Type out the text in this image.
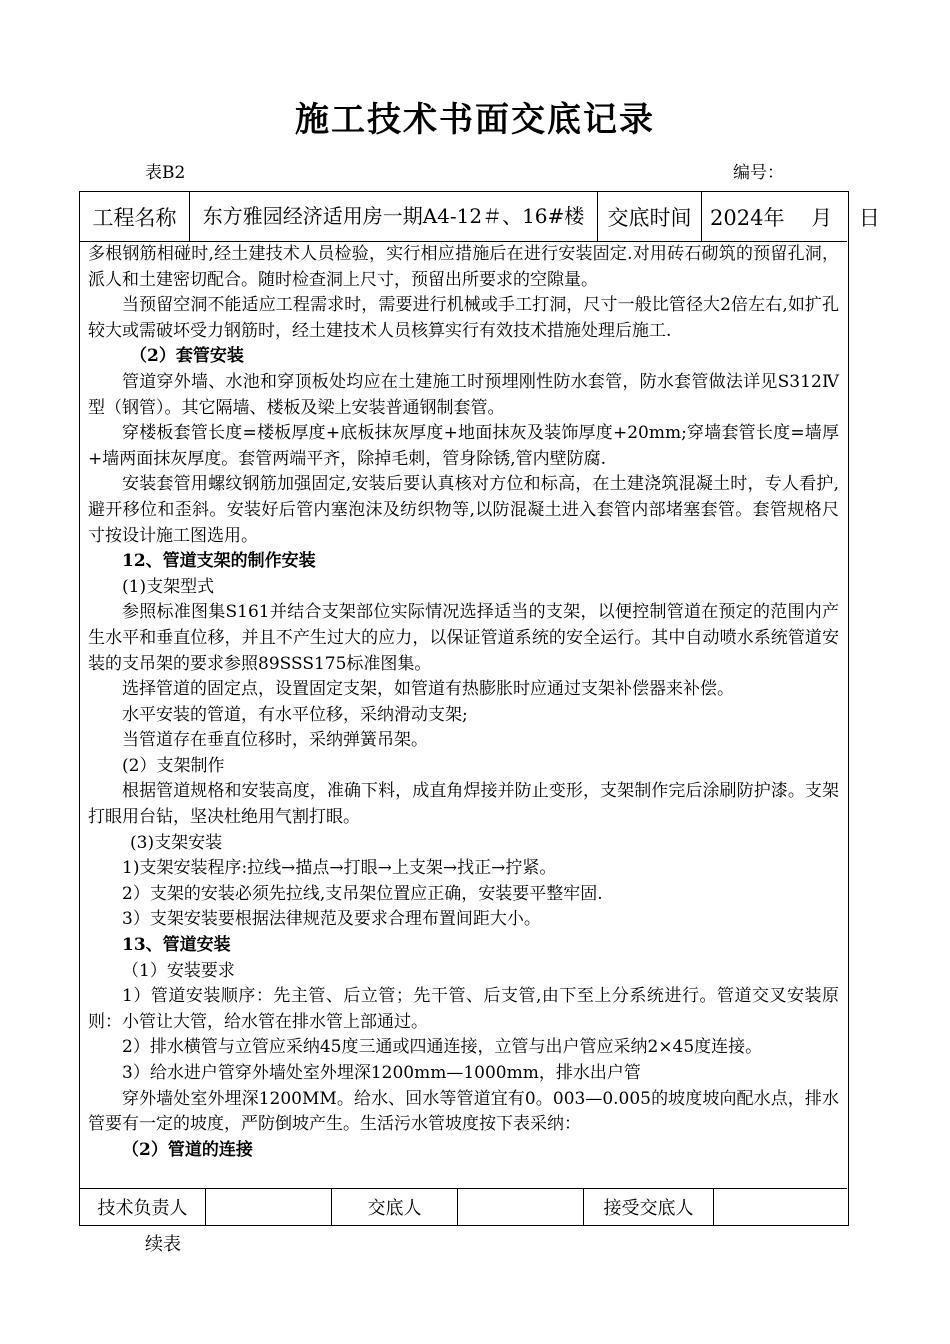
施工技术书面交底记录
表B2	编号：
工程名称	东方雅园经济适用房一期A4-12＃、16#楼	交底时间 2024年    月    日

多根钢筋相碰时,经土建技术人员检验，实行相应措施后在进行安装固定.对用砖石砌筑的预留孔洞，派人和土建密切配合。随时检查洞上尺寸，预留出所要求的空隙量。

当预留空洞不能适应工程需求时，需要进行机械或手工打洞，尺寸一般比管径大2倍左右,如扩孔较大或需破坏受力钢筋时，经土建技术人员核算实行有效技术措施处理后施工.

（2）套管安装

管道穿外墙、水池和穿顶板处均应在土建施工时预埋刚性防水套管，防水套管做法详见S312Ⅳ型（钢管）。其它隔墙、楼板及梁上安装普通钢制套管。

穿楼板套管长度=楼板厚度+底板抹灰厚度+地面抹灰及装饰厚度+20mm;穿墙套管长度=墙厚+墙两面抹灰厚度。套管两端平齐，除掉毛刺，管身除锈,管内壁防腐.

安装套管用螺纹钢筋加强固定,安装后要认真核对方位和标高，在土建浇筑混凝土时，专人看护,避开移位和歪斜。安装好后管内塞泡沫及纺织物等,以防混凝土进入套管内部堵塞套管。套管规格尺寸按设计施工图选用。

12、管道支架的制作安装

(1)支架型式

参照标准图集S161并结合支架部位实际情况选择适当的支架，以便控制管道在预定的范围内产生水平和垂直位移，并且不产生过大的应力，以保证管道系统的安全运行。其中自动喷水系统管道安装的支吊架的要求参照89SSS175标准图集。

选择管道的固定点，设置固定支架，如管道有热膨胀时应通过支架补偿器来补偿。

水平安装的管道，有水平位移，采纳滑动支架;

当管道存在垂直位移时，采纳弹簧吊架。

(2）支架制作

根据管道规格和安装高度，准确下料，成直角焊接并防止变形，支架制作完后涂刷防护漆。支架打眼用台钻，坚决杜绝用气割打眼。

(3)支架安装

1)支架安装程序:拉线→描点→打眼→上支架→找正→拧紧。

2）支架的安装必须先拉线,支吊架位置应正确，安装要平整牢固.

3）支架安装要根据法律规范及要求合理布置间距大小。

13、管道安装

（1）安装要求

1）管道安装顺序：先主管、后立管；先干管、后支管,由下至上分系统进行。管道交叉安装原则：小管让大管，给水管在排水管上部通过。

2）排水横管与立管应采纳45度三通或四通连接，立管与出户管应采纳2×45度连接。

3）给水进户管穿外墙处室外埋深1200mm—1000mm，排水出户管

穿外墙处室外埋深1200MM。给水、回水等管道宜有0。003—0.005的坡度坡向配水点，排水管要有一定的坡度，严防倒坡产生。生活污水管坡度按下表采纳：

（2）管道的连接

技术负责人	交底人	接受交底人
续表
